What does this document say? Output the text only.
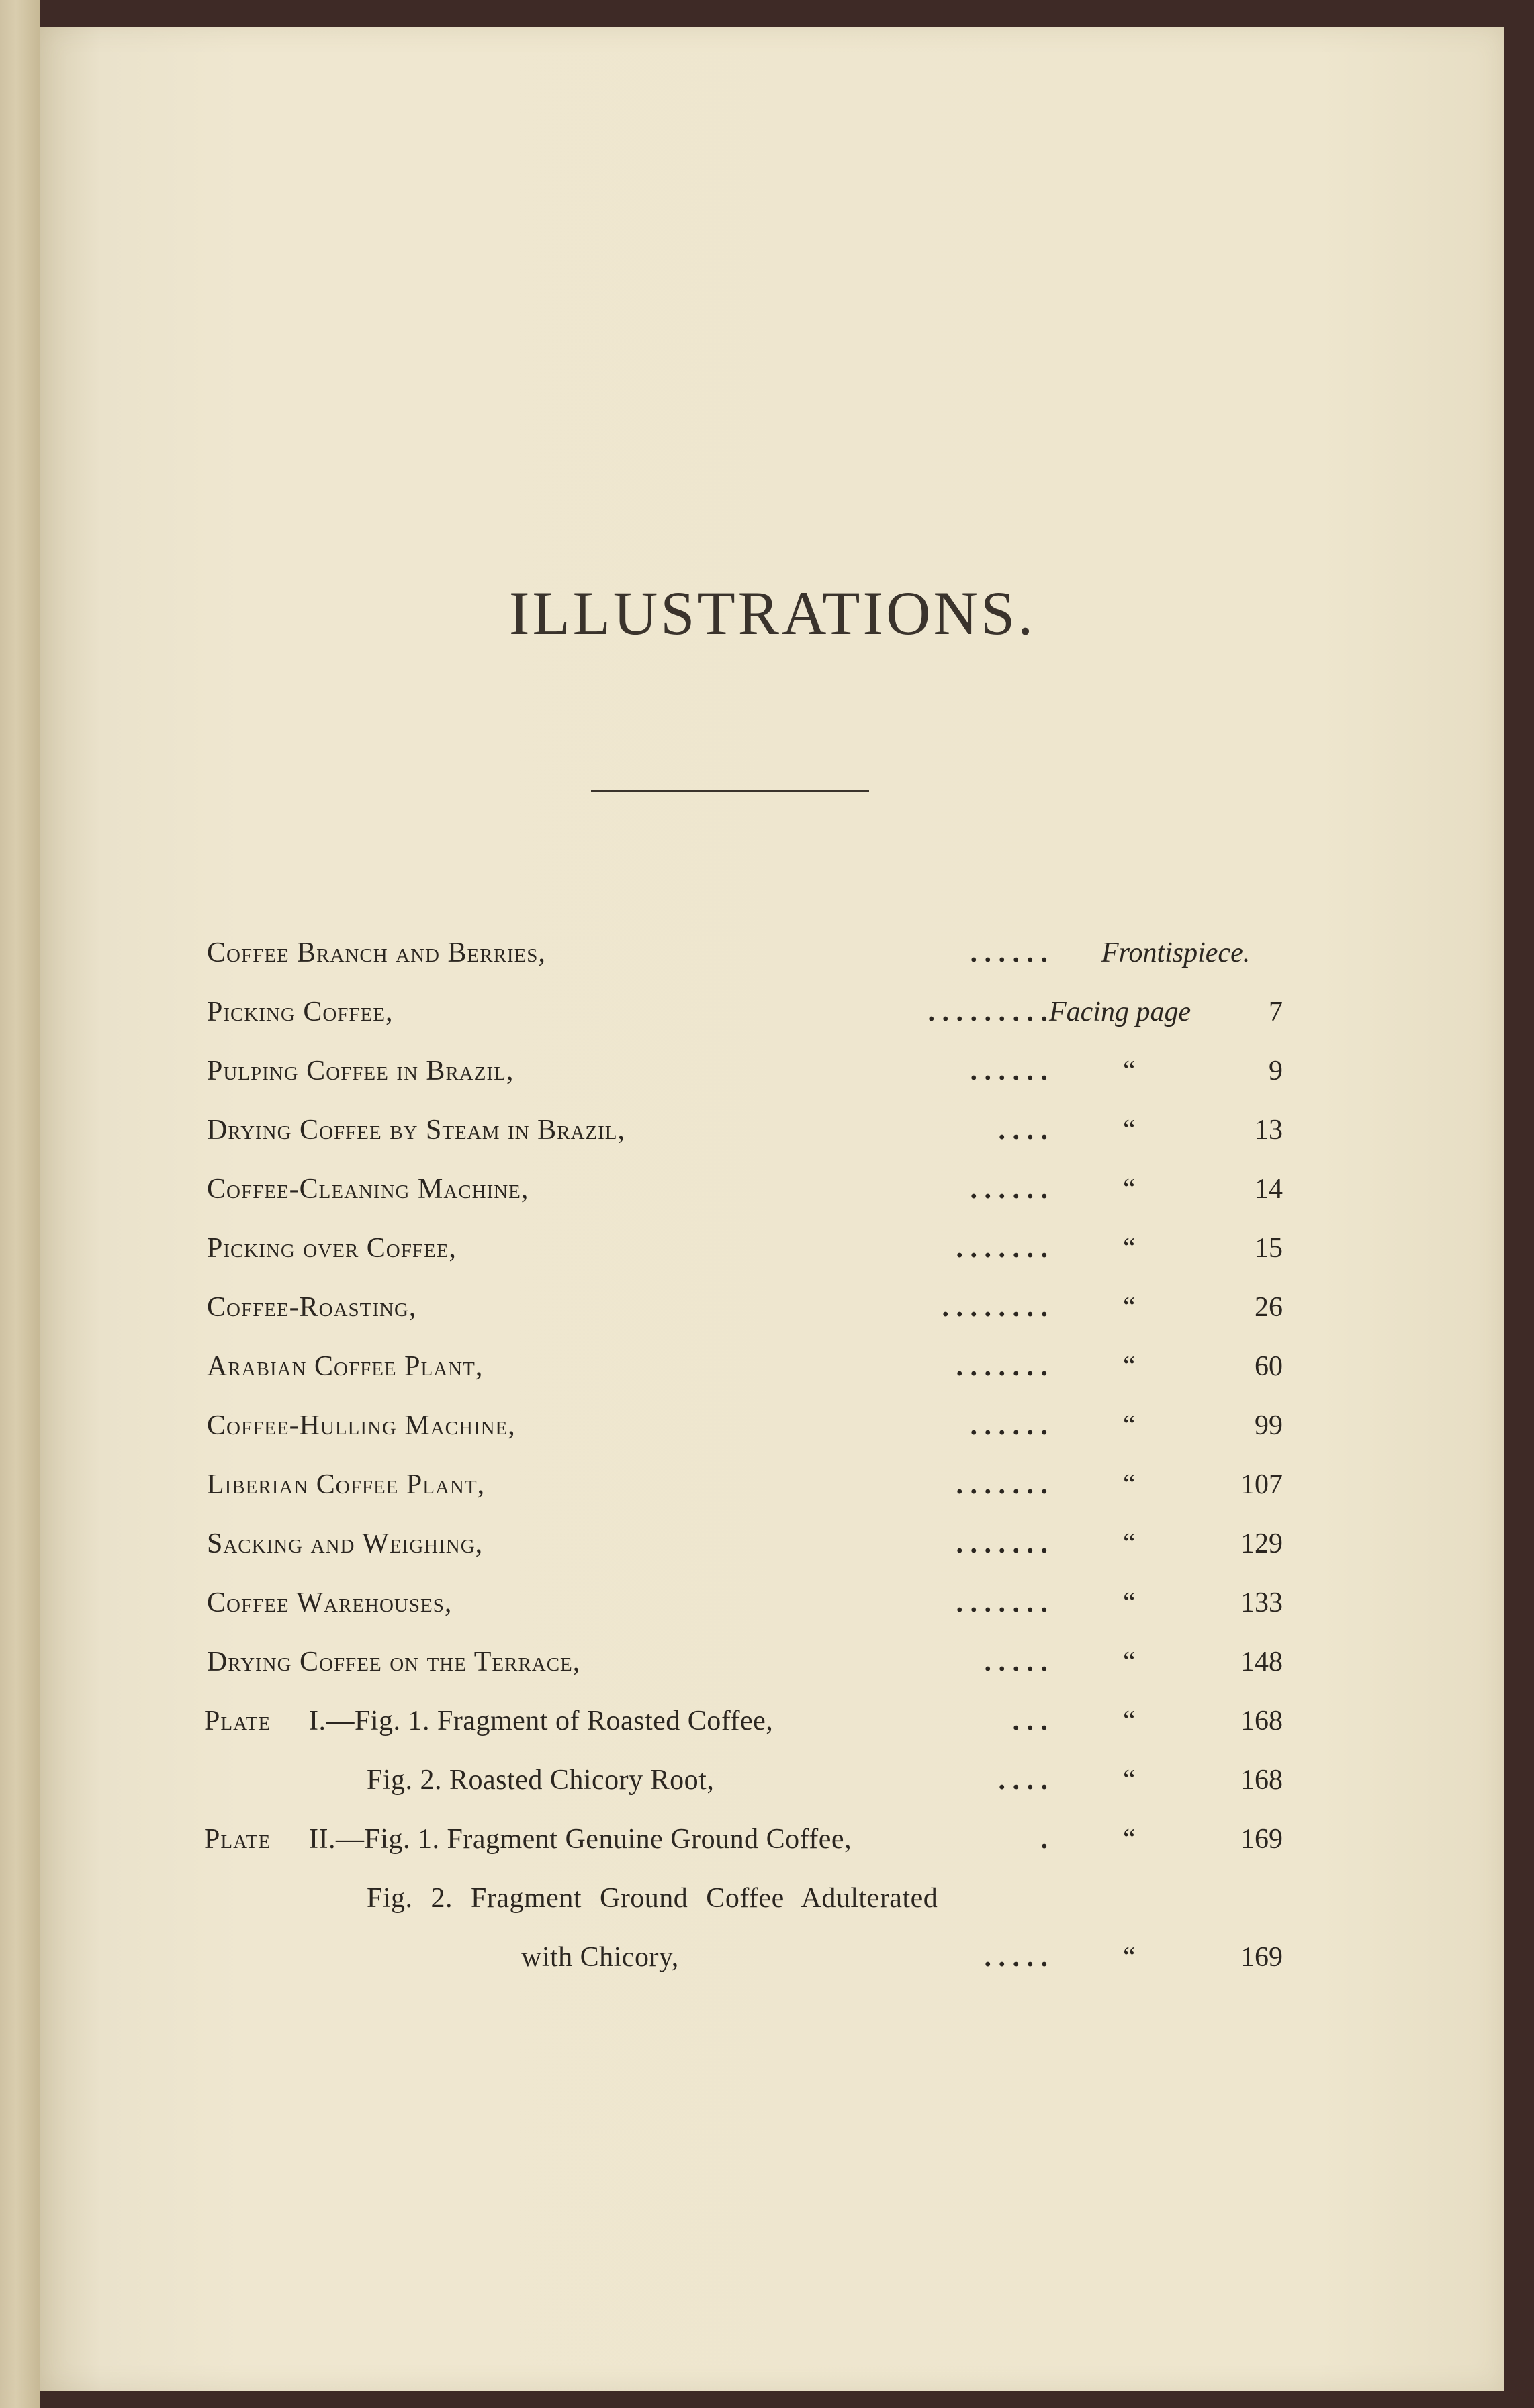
ILLUSTRATIONS.
Coffee Branch and Berries,	. . . . . . Frontispiece.
Picking Coffee,	. . . . . . . . . Facing page	7
Pulping Coffee in Brazil,	. . . . . .	“	9
Drying Coffee by Steam in Brazil,	. . . .	“	13
Coffee-Cleaning Machine,	. . . . . .	“	14
Picking over Coffee,	. . . . . . .	“	15
Coffee-Roasting,	. . . . . . . .	“	26
Arabian Coffee Plant,	. . . . . . .	“	60
Coffee-Hulling Machine,	. . . . . .	“	99
Liberian Coffee Plant,	. . . . . . .	“	107
Sacking and Weighing,	. . . . . . .	“	129
Coffee Warehouses,	. . . . . . .	“	133
Drying Coffee on the Terrace,	. . . . .	“	148
Plate I.—Fig. 1. Fragment of Roasted Coffee,	. . .	“	168
Fig. 2. Roasted Chicory Root,	. . . .	“	168
Plate II.—Fig. 1. Fragment Genuine Ground Coffee,	.	“	169
Fig. 2. Fragment Ground Coffee Adulterated
with Chicory,	. . . . .	“	169
